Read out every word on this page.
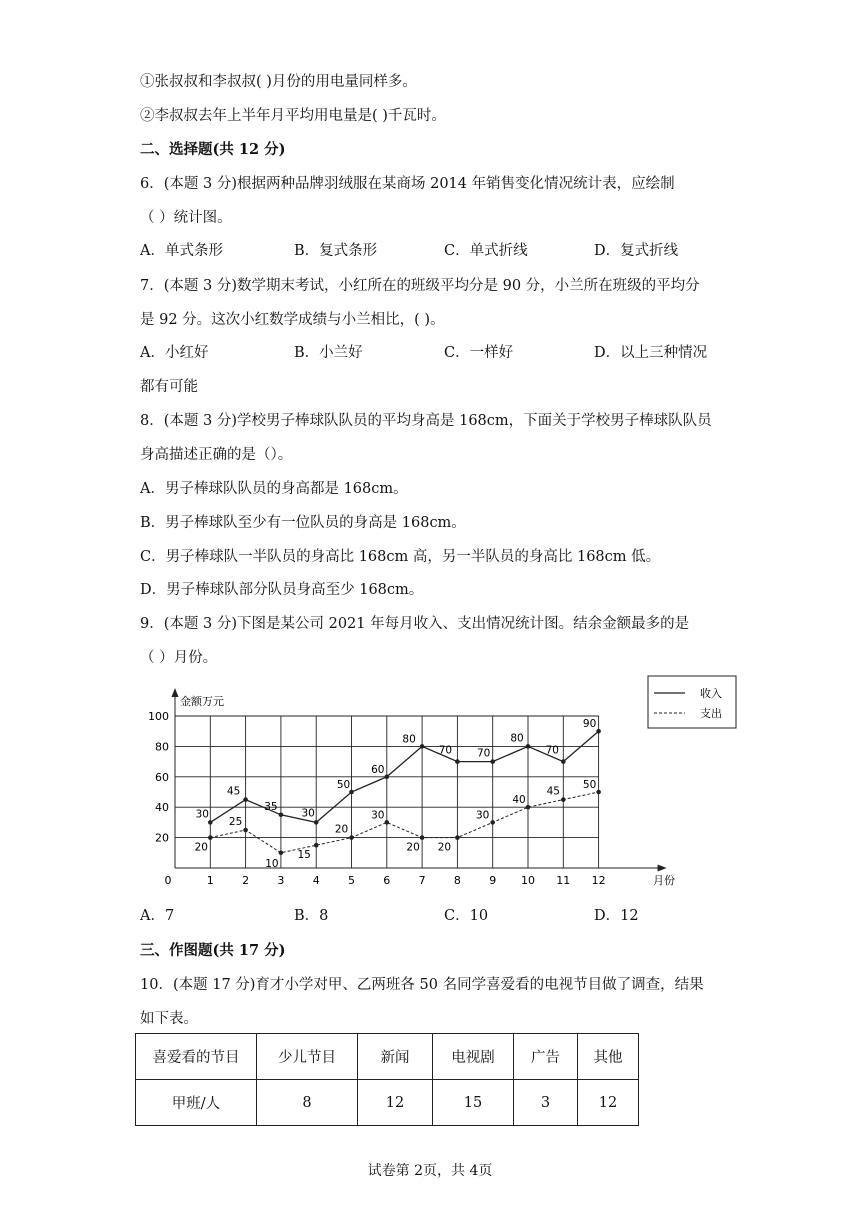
①张叔叔和李叔叔( )月份的用电量同样多。
②李叔叔去年上半年月平均用电量是( )千瓦时。
二、选择题(共 12 分)
6．(本题 3 分)根据两种品牌羽绒服在某商场 2014 年销售变化情况统计表，应绘制
（ ）统计图。
A．单式条形	B．复式条形	C．单式折线	D．复式折线
7．(本题 3 分)数学期末考试，小红所在的班级平均分是 90 分，小兰所在班级的平均分
是 92 分。这次小红数学成绩与小兰相比，( )。
A．小红好	B．小兰好	C．一样好	D．以上三种情况
都有可能
8．(本题 3 分)学校男子棒球队队员的平均身高是 168cm，下面关于学校男子棒球队队员
身高描述正确的是（）。
A．男子棒球队队员的身高都是 168cm。
B．男子棒球队至少有一位队员的身高是 168cm。
C．男子棒球队一半队员的身高比 168cm 高，另一半队员的身高比 168cm 低。
D．男子棒球队部分队员身高至少 168cm。
9．(本题 3 分)下图是某公司 2021 年每月收入、支出情况统计图。结余金额最多的是
（ ）月份。
20
40
60
80
100
0	1	2	3	4	5	6	7	8	9 10 11 12
30
45
35
30
50
60
80
70 70
80
70
90
20
25
10
15
20
30
20 20
30
40
45
50
金额万元
月份
收入
支出
A．7	B．8	C．10	D．12
三、作图题(共 17 分)
10．(本题 17 分)育才小学对甲、乙两班各 50 名同学喜爱看的电视节目做了调查，结果
如下表。
喜爱看的节目	少儿节目	新闻	电视剧	广告	其他
甲班/人	8	12	15	3	12
试卷第 2页，共 4页
